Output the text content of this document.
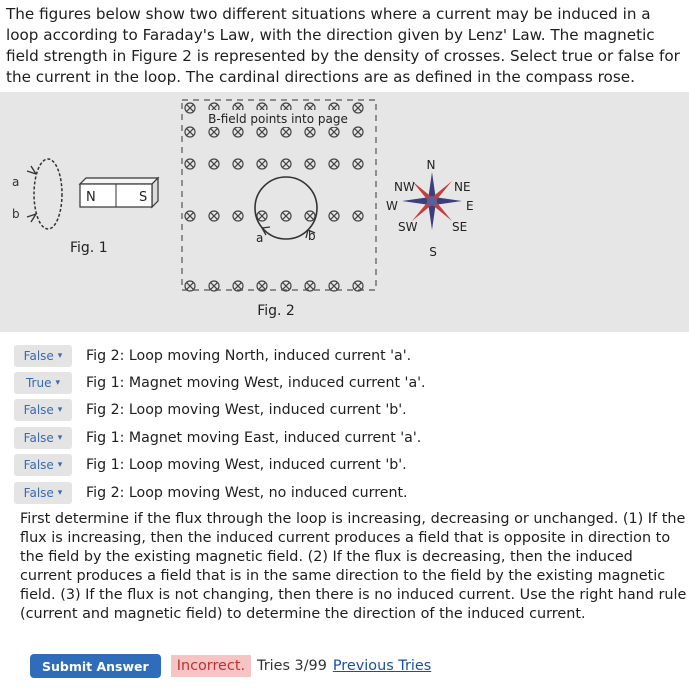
The figures below show two different situations where a current may be induced in a loop according to Faraday's Law, with the direction given by Lenz' Law. The magnetic field strength in Figure 2 is represented by the density of crosses. Select true or false for the current in the loop. The cardinal directions are as defined in the compass rose.

a
b
N	S
Fig. 1
B-field points into page
a	b
Fig. 2
N
S
E
W
NW	NE
SW	SE
False ▾ Fig 2: Loop moving North, induced current 'a'.
True ▾ Fig 1: Magnet moving West, induced current 'a'.
False ▾ Fig 2: Loop moving West, induced current 'b'.
False ▾ Fig 1: Magnet moving East, induced current 'a'.
False ▾ Fig 1: Loop moving West, induced current 'b'.
False ▾ Fig 2: Loop moving West, no induced current.

First determine if the flux through the loop is increasing, decreasing or unchanged. (1) If the flux is increasing, then the induced current produces a field that is opposite in direction to the field by the existing magnetic field. (2) If the flux is decreasing, then the induced current produces a field that is in the same direction to the field by the existing magnetic field. (3) If the flux is not changing, then there is no induced current. Use the right hand rule (current and magnetic field) to determine the direction of the induced current.

Submit Answer	Incorrect. Tries 3/99 Previous Tries
